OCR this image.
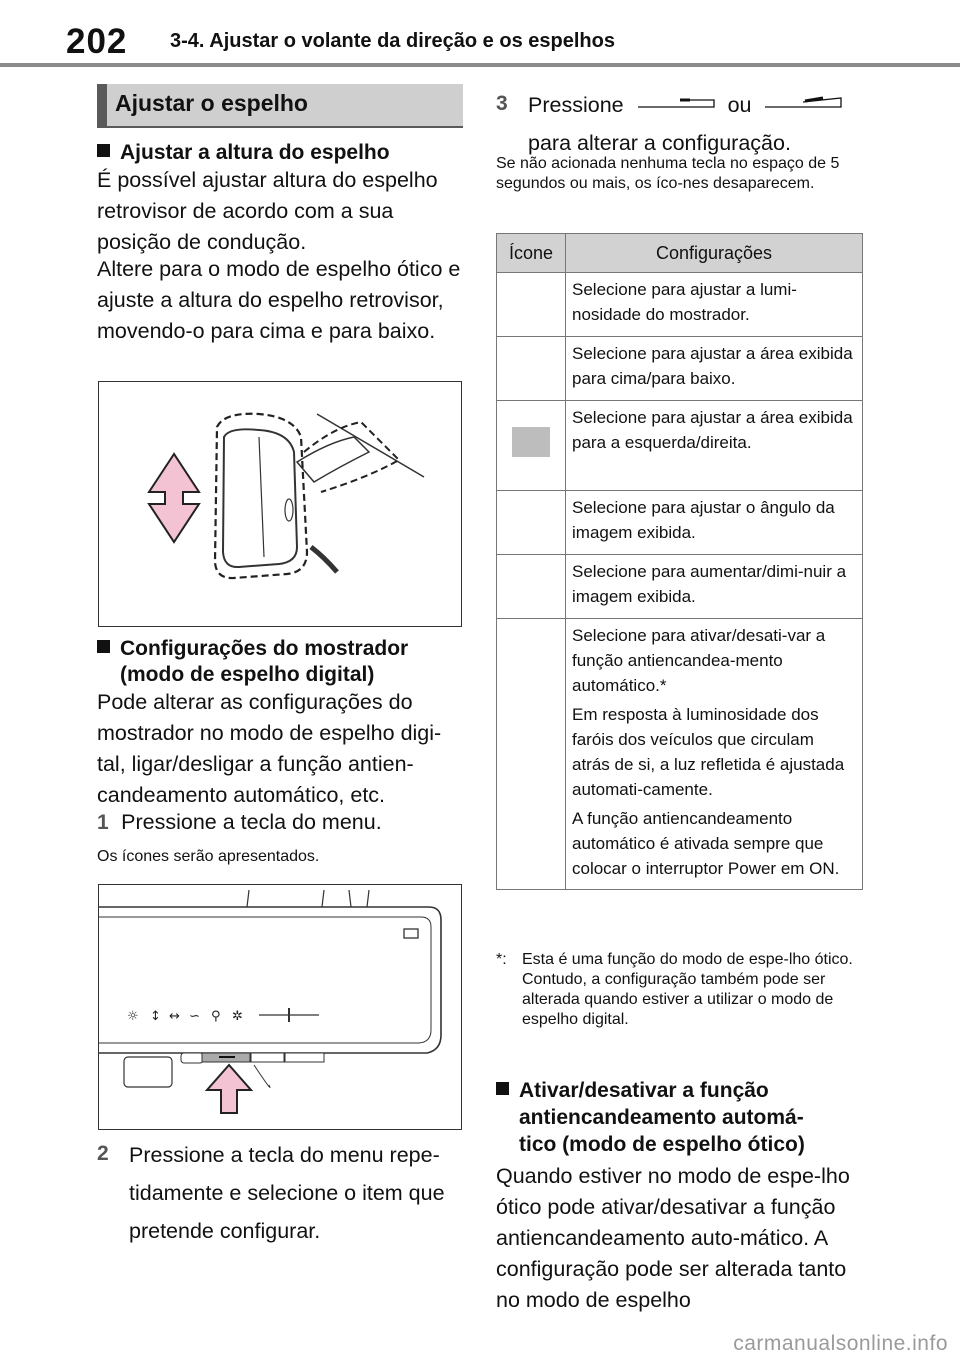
202 3-4. Ajustar o volante da direção e os espelhos
Ajustar o espelho
Ajustar a altura do espelho
É possível ajustar altura do espelho retrovisor de acordo com a sua posição de condução.
Altere para o modo de espelho ótico e ajuste a altura do espelho retrovisor, movendo-o para cima e para baixo.
Configurações do mostrador
(modo de espelho digital)
Pode alterar as configurações do mostrador no modo de espelho digi-tal, ligar/desligar a função antien-candeamento automático, etc.
1 Pressione a tecla do menu.
Os ícones serão apresentados.
☼ ↕ ↔ ∽ ⚲ ✲
2 Pressione a tecla do menu repe-tidamente e selecione o item que pretende configurar.
3 Pressione	ou
para alterar a configuração.
Se não acionada nenhuma tecla no espaço de 5 segundos ou mais, os íco-nes desaparecem.
Ícone	Configurações
	Selecione para ajustar a lumi-nosidade do mostrador.
	Selecione para ajustar a área exibida para cima/para baixo.
	Selecione para ajustar a área exibida para a esquerda/direita.
	Selecione para ajustar o ângulo da imagem exibida.
	Selecione para aumentar/dimi-nuir a imagem exibida.

	Selecione para ativar/desati-var a função antiencandea-mento automático.*

Em resposta à luminosidade dos faróis dos veículos que circulam atrás de si, a luz refletida é ajustada automati-camente.

A função antiencandeamento automático é ativada sempre que colocar o interruptor Power em ON.

*: Esta é uma função do modo de espe-lho ótico. Contudo, a configuração também pode ser alterada quando estiver a utilizar o modo de espelho digital.
Ativar/desativar a função
antiencandeamento automá-
tico (modo de espelho ótico)
Quando estiver no modo de espe-lho ótico pode ativar/desativar a função antiencandeamento auto-mático. A configuração pode ser alterada tanto no modo de espelho
carmanualsonline.info
